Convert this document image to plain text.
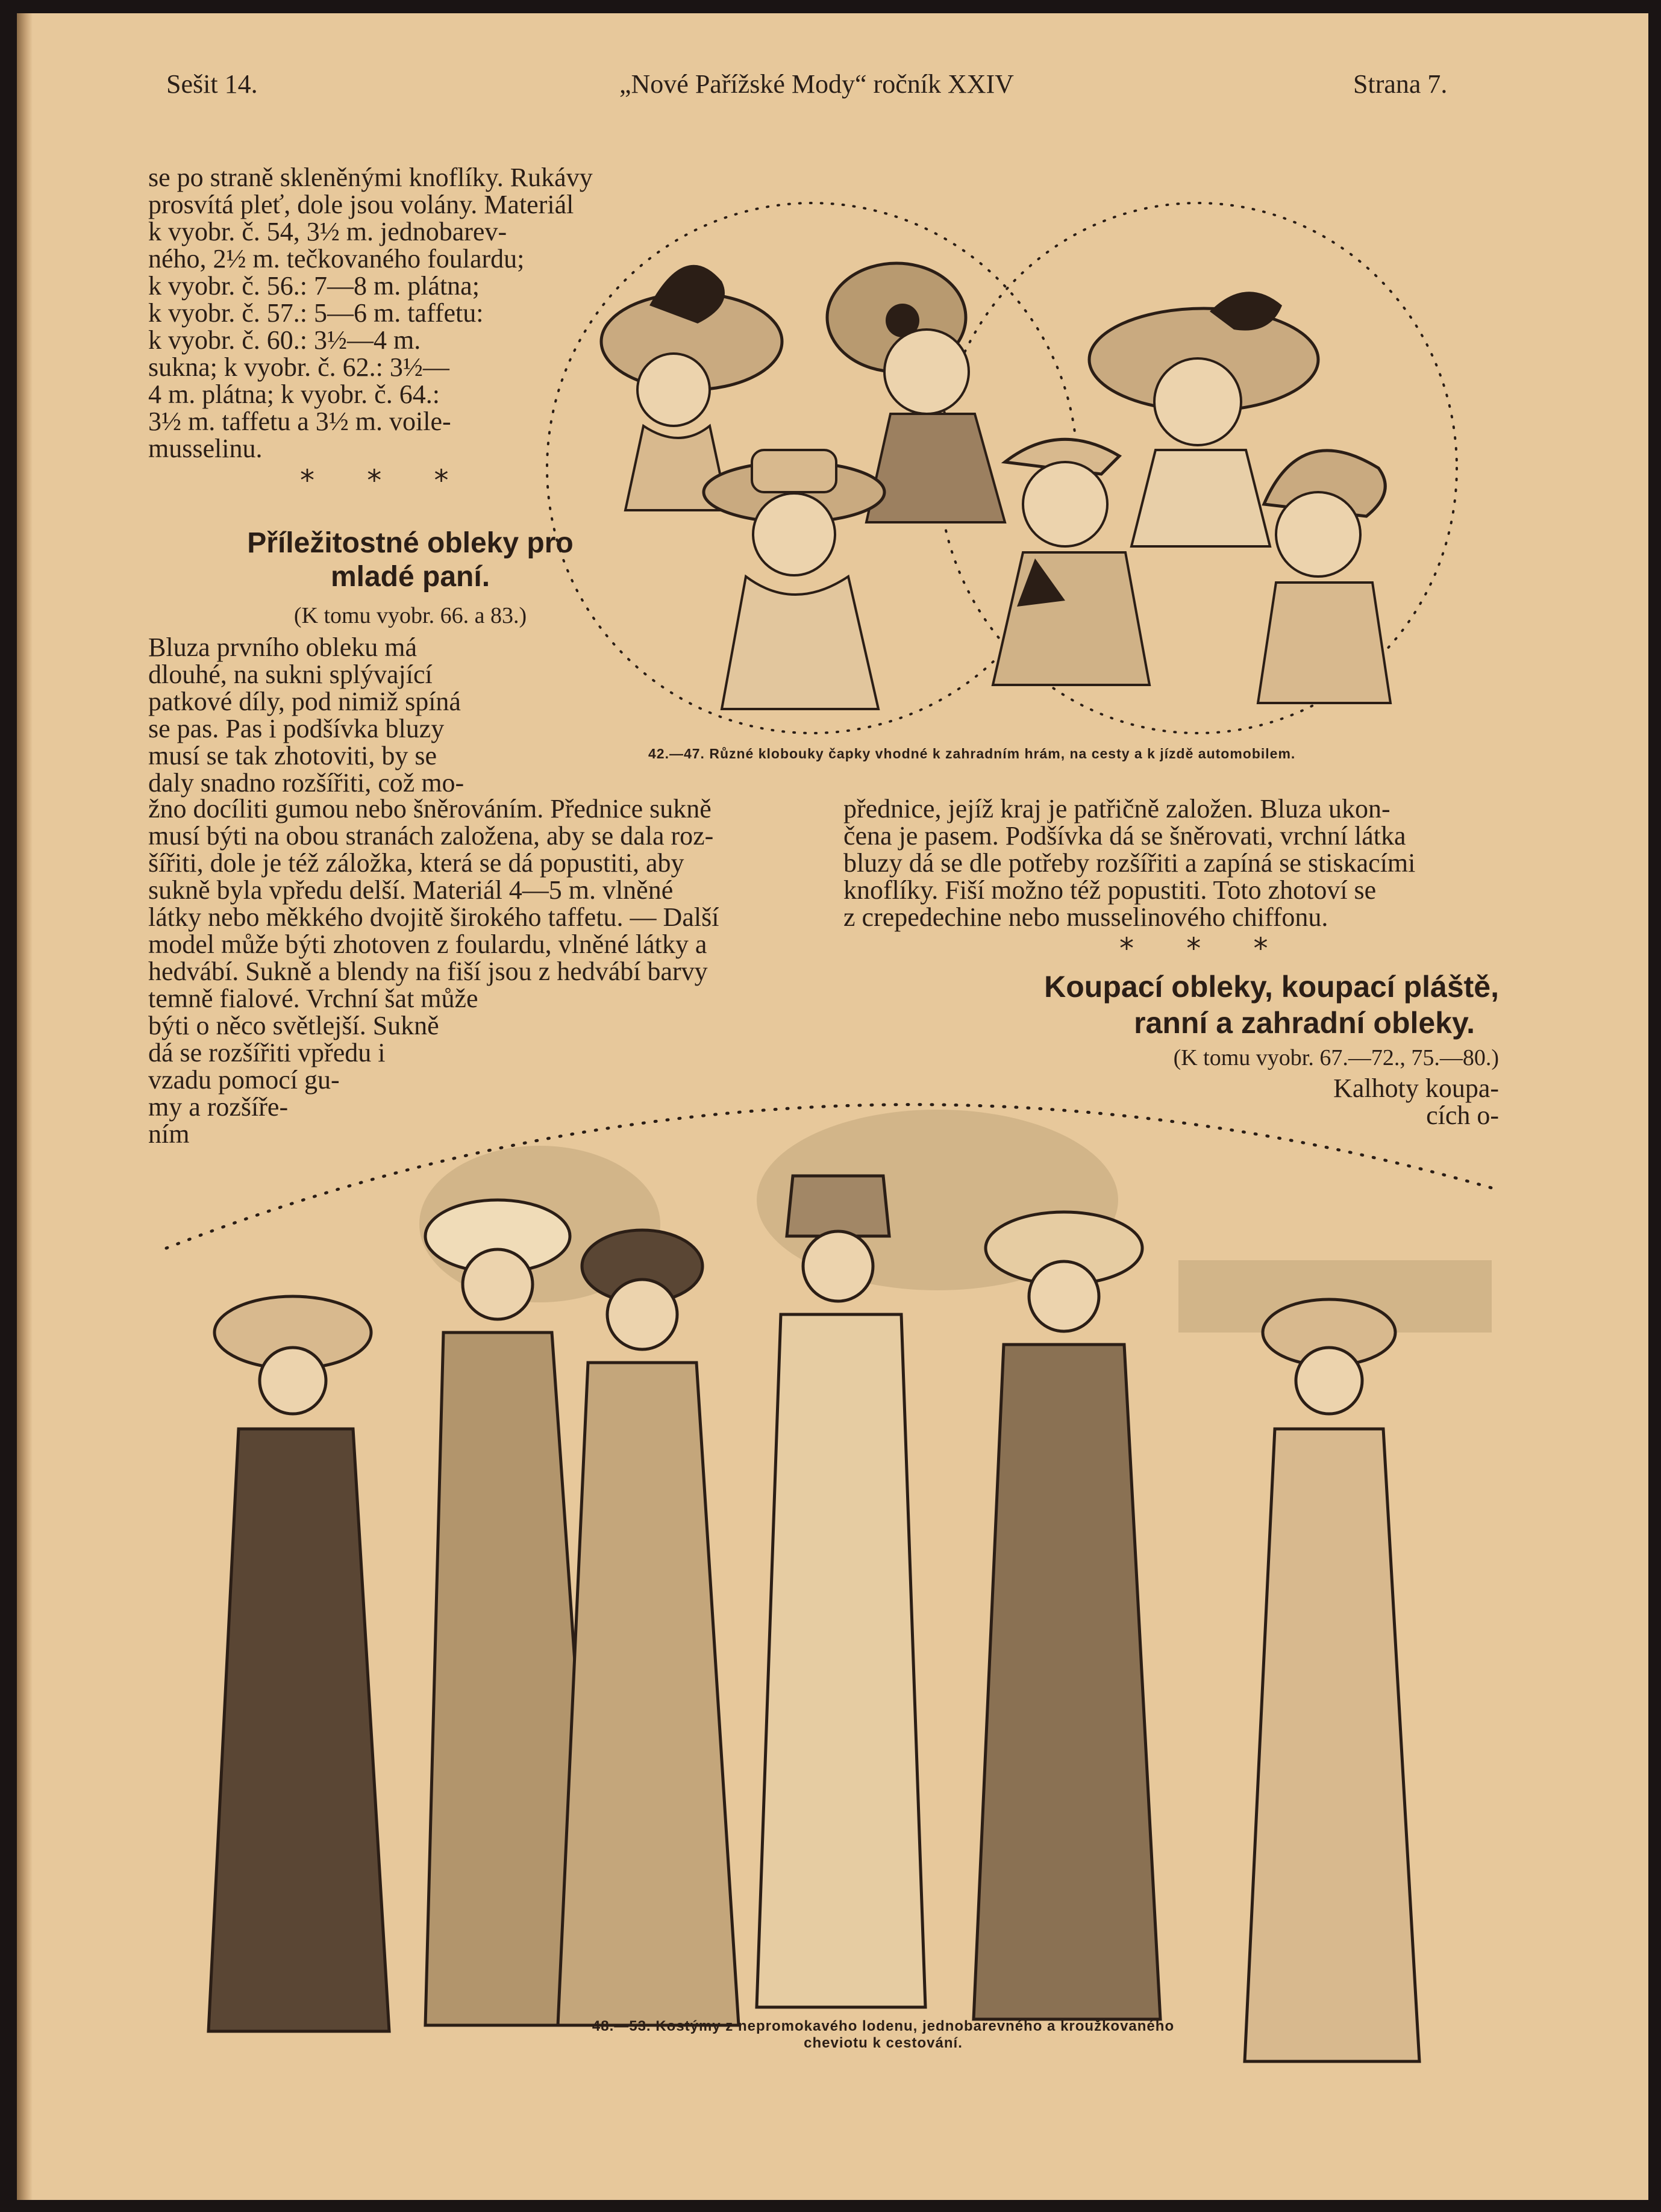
Sešit 14.	„Nové Pařížské Mody“ ročník XXIV	Strana 7.

se po straně skleněnými knoflíky. Rukávy

prosvítá pleť, dole jsou volány. Materiál

k vyobr. č. 54, 3½ m. jednobarev-

ného, 2½ m. tečkovaného foulardu;

k vyobr. č. 56.: 7—8 m. plátna;

k vyobr. č. 57.: 5—6 m. taffetu:

k vyobr. č. 60.: 3½—4 m.

sukna; k vyobr. č. 62.: 3½—

4 m. plátna; k vyobr. č. 64.:

3½ m. taffetu a 3½ m. voile-

musselinu.

* * *
Příležitostné obleky pro
mladé paní.
(K tomu vyobr. 66. a 83.)

Bluza prvního obleku má

dlouhé, na sukni splývající

patkové díly, pod nimiž spíná

se pas. Pas i podšívka bluzy

musí se tak zhotoviti, by se

daly snadno rozšířiti, což mo-

42.—47. Různé klobouky čapky vhodné k zahradním hrám, na cesty a k jízdě automobilem.

žno docíliti gumou nebo šněrováním. Přednice sukně

musí býti na obou stranách založena, aby se dala roz-

šířiti, dole je též záložka, která se dá popustiti, aby

sukně byla vpředu delší. Materiál 4—5 m. vlněné

látky nebo měkkého dvojitě širokého taffetu. — Další

model může býti zhotoven z foulardu, vlněné látky a

hedvábí. Sukně a blendy na fiší jsou z hedvábí barvy

temně fialové. Vrchní šat může

býti o něco světlejší. Sukně

dá se rozšířiti vpředu i

vzadu pomocí gu-

my a rozšíře-

ním

přednice, jejíž kraj je patřičně založen. Bluza ukon-

čena je pasem. Podšívka dá se šněrovati, vrchní látka

bluzy dá se dle potřeby rozšířiti a zapíná se stiskacími

knoflíky. Fiší možno též popustiti. Toto zhotoví se

z crepedechine nebo musselinového chiffonu.

* * *
Koupací obleky, koupací pláště,
ranní a zahradní obleky.
(K tomu vyobr. 67.—72., 75.—80.)

Kalhoty koupa-

cích o-

48.—53. Kostýmy z nepromokavého lodenu, jednobarevného a kroužkovaného
cheviotu k cestování.
